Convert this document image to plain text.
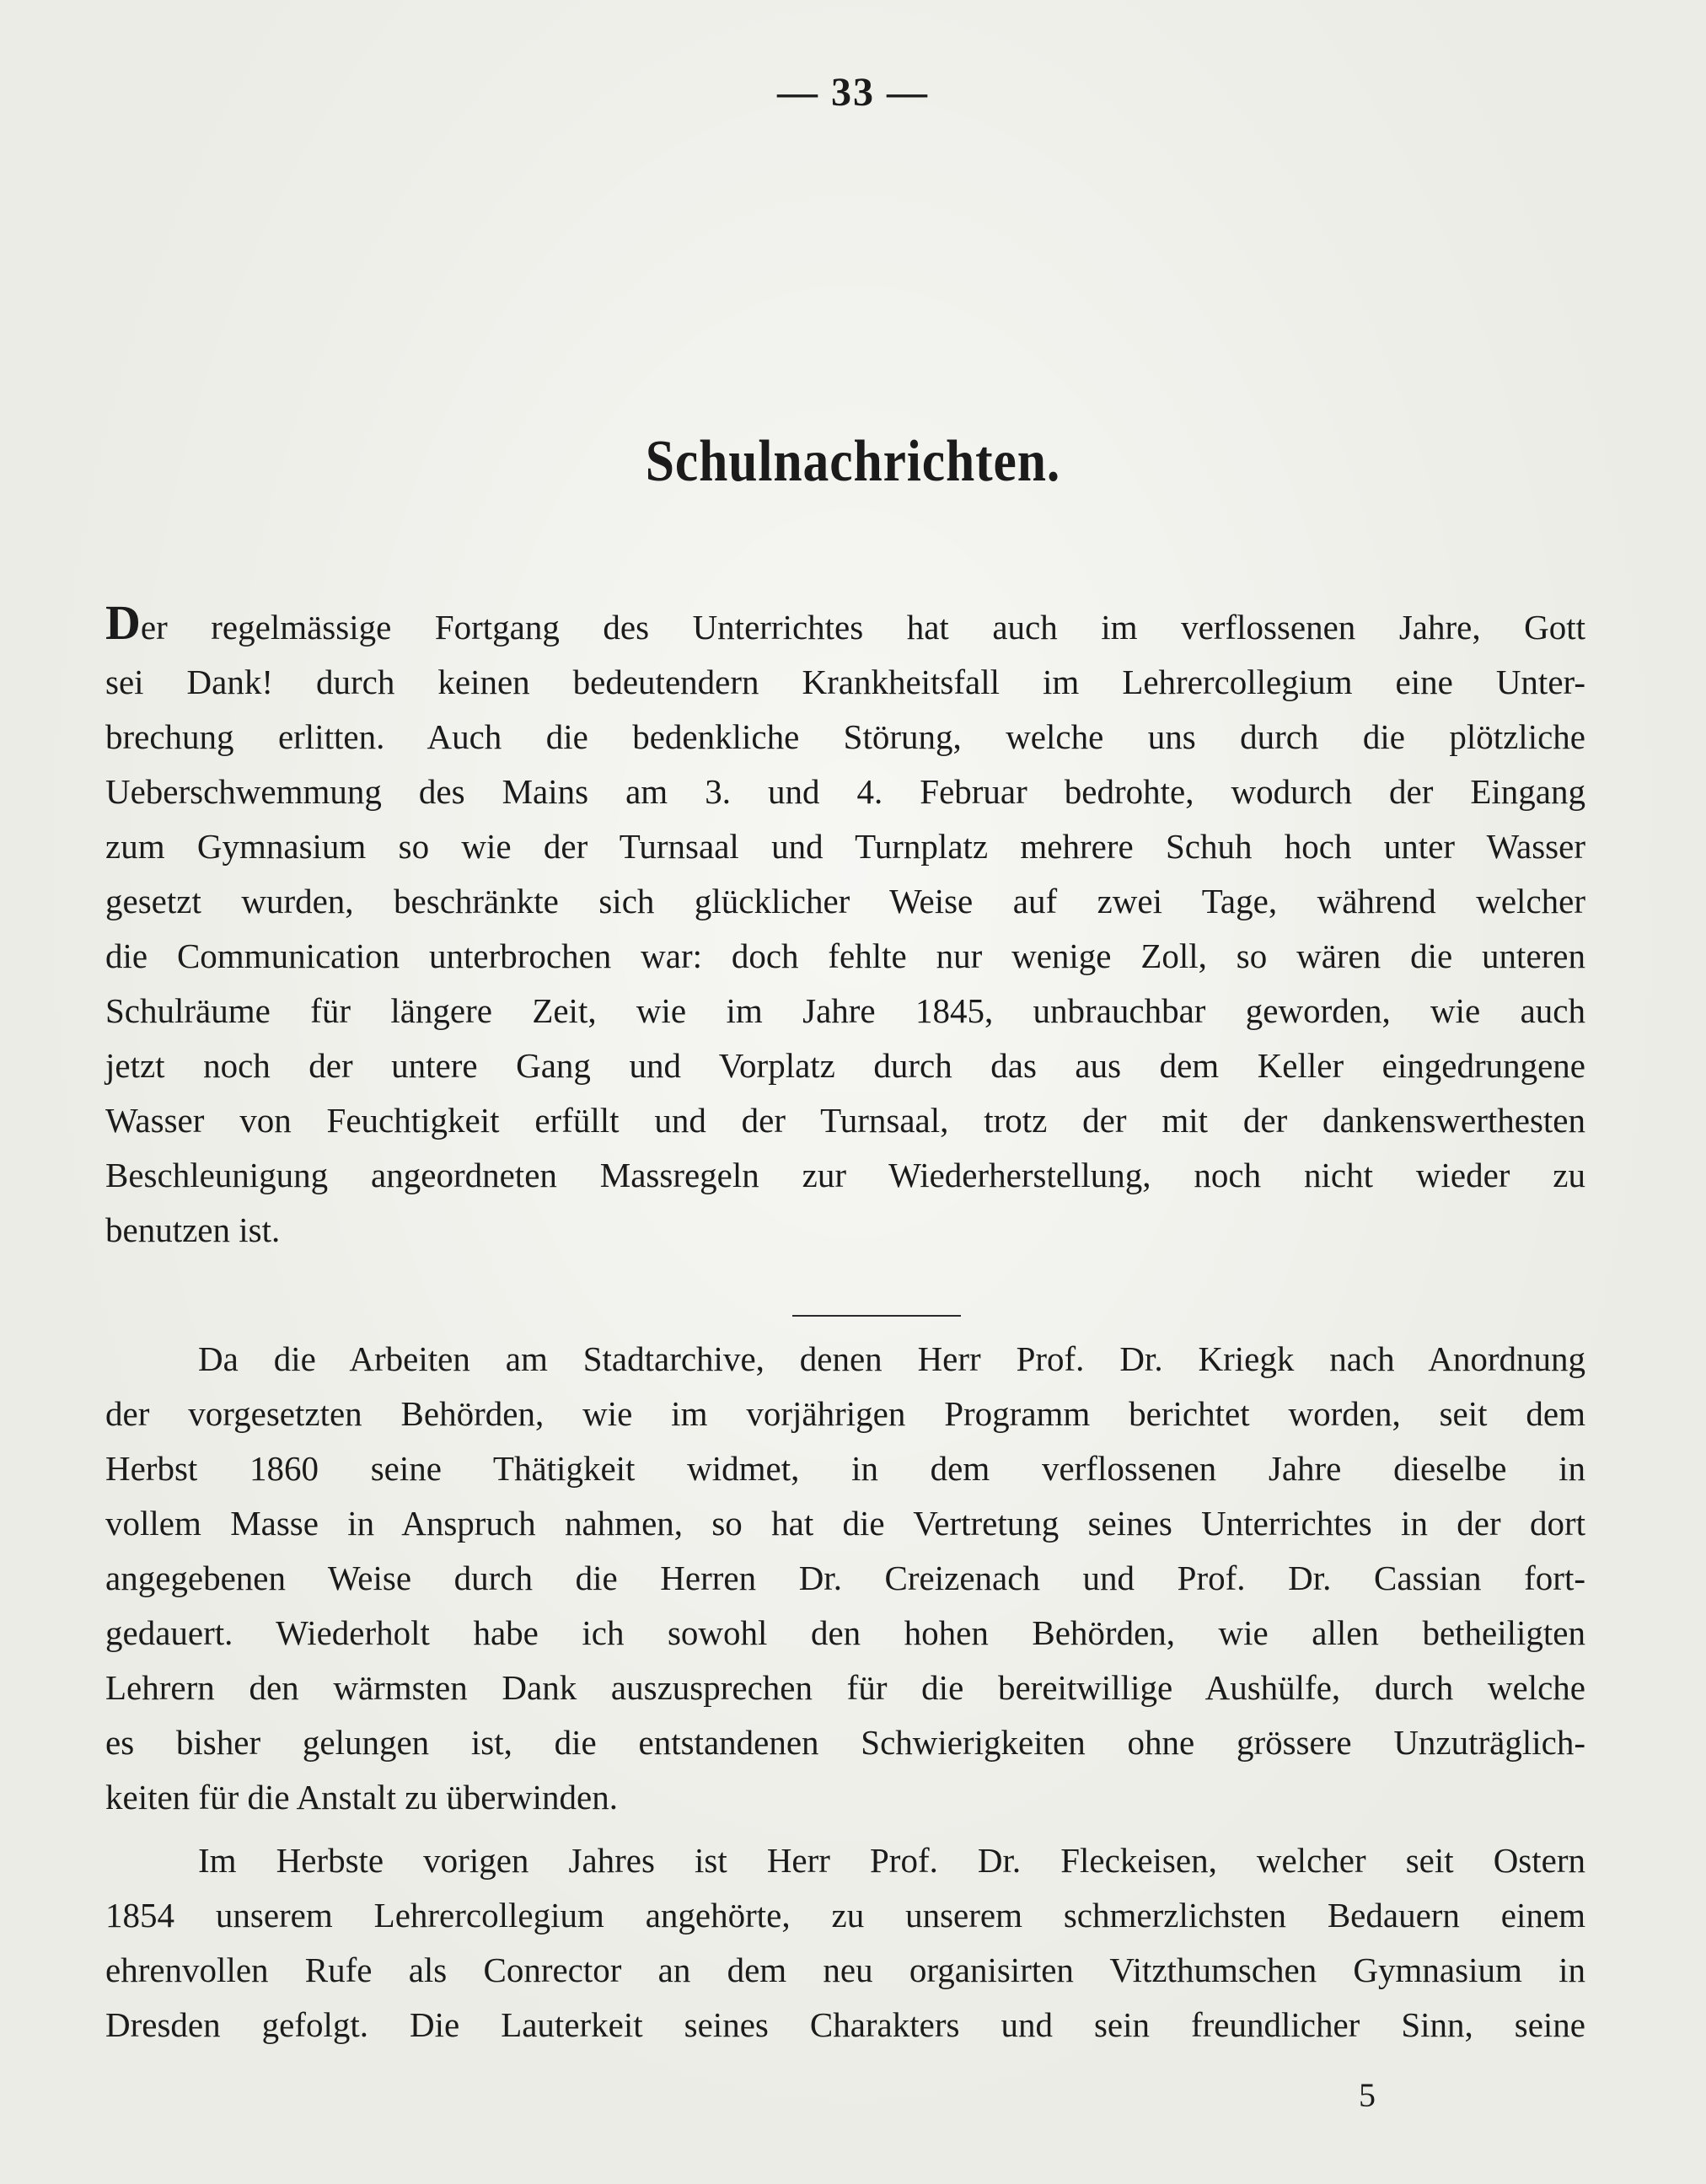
— 33 —
Schulnachrichten.
Der regelmässige Fortgang des Unterrichtes hat auch im verflossenen Jahre, Gott
sei Dank! durch keinen bedeutendern Krankheitsfall im Lehrercollegium eine Unter-
brechung erlitten. Auch die bedenkliche Störung, welche uns durch die plötzliche
Ueberschwemmung des Mains am 3. und 4. Februar bedrohte, wodurch der Eingang
zum Gymnasium so wie der Turnsaal und Turnplatz mehrere Schuh hoch unter Wasser
gesetzt wurden, beschränkte sich glücklicher Weise auf zwei Tage, während welcher
die Communication unterbrochen war: doch fehlte nur wenige Zoll, so wären die unteren
Schulräume für längere Zeit, wie im Jahre 1845, unbrauchbar geworden, wie auch
jetzt noch der untere Gang und Vorplatz durch das aus dem Keller eingedrungene
Wasser von Feuchtigkeit erfüllt und der Turnsaal, trotz der mit der dankenswerthesten
Beschleunigung angeordneten Massregeln zur Wiederherstellung, noch nicht wieder zu
benutzen ist.
Da die Arbeiten am Stadtarchive, denen Herr Prof. Dr. Kriegk nach Anordnung
der vorgesetzten Behörden, wie im vorjährigen Programm berichtet worden, seit dem
Herbst 1860 seine Thätigkeit widmet, in dem verflossenen Jahre dieselbe in
vollem Masse in Anspruch nahmen, so hat die Vertretung seines Unterrichtes in der dort
angegebenen Weise durch die Herren Dr. Creizenach und Prof. Dr. Cassian fort-
gedauert. Wiederholt habe ich sowohl den hohen Behörden, wie allen betheiligten
Lehrern den wärmsten Dank auszusprechen für die bereitwillige Aushülfe, durch welche
es bisher gelungen ist, die entstandenen Schwierigkeiten ohne grössere Unzuträglich-
keiten für die Anstalt zu überwinden.
Im Herbste vorigen Jahres ist Herr Prof. Dr. Fleckeisen, welcher seit Ostern
1854 unserem Lehrercollegium angehörte, zu unserem schmerzlichsten Bedauern einem
ehrenvollen Rufe als Conrector an dem neu organisirten Vitzthumschen Gymnasium in
Dresden gefolgt. Die Lauterkeit seines Charakters und sein freundlicher Sinn, seine
5
